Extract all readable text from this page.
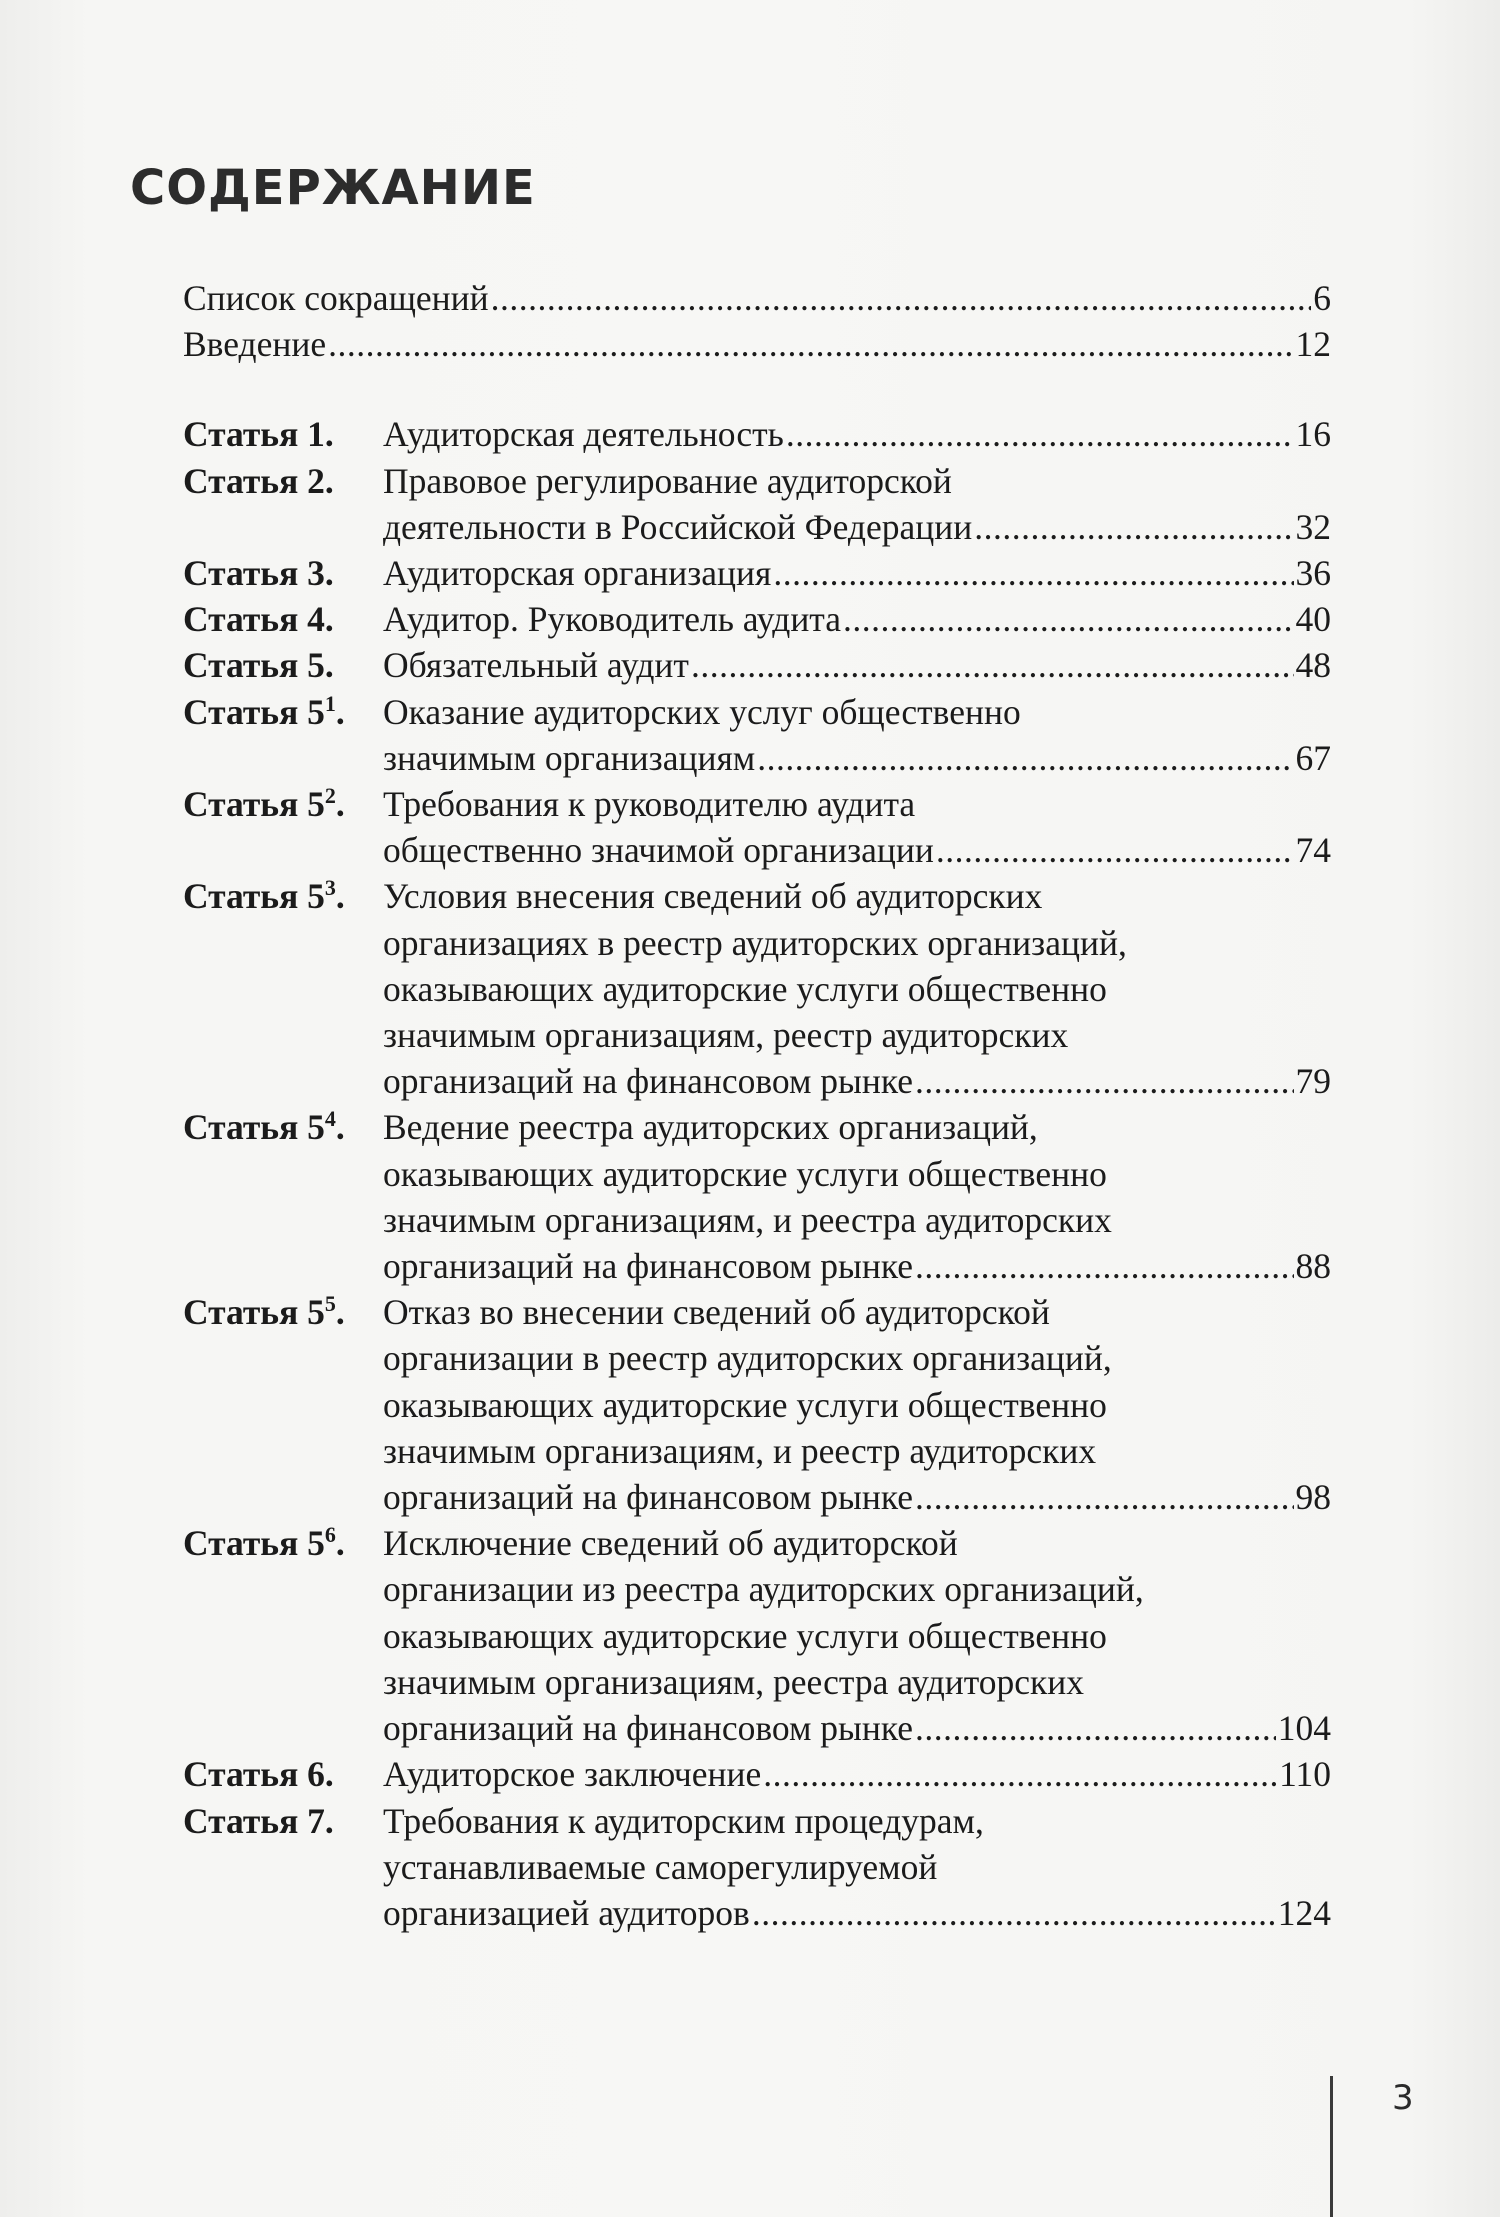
СОДЕРЖАНИЕ
Список сокращений .....	6
Введение .....	12
Статья 1.	Аудиторская деятельность .....	16
Статья 2.	Правовое регулирование аудиторской
деятельности в Российской Федерации .....	32
Статья 3.	Аудиторская организация .....	36
Статья 4.	Аудитор. Руководитель аудита .....	40
Статья 5.	Обязательный аудит .....	48
Статья $5^1$.	Оказание аудиторских услуг общественно
значимым организациям .....	67
Статья $5^2$.	Требования к руководителю аудита
общественно значимой организации .....	74
Статья $5^3$.	Условия внесения сведений об аудиторских
организациях в реестр аудиторских организаций,
оказывающих аудиторские услуги общественно
значимым организациям, реестр аудиторских
организаций на финансовом рынке .....	79
Статья $5^4$.	Ведение реестра аудиторских организаций,
оказывающих аудиторские услуги общественно
значимым организациям, и реестра аудиторских
организаций на финансовом рынке .....	88
Статья $5^5$.	Отказ во внесении сведений об аудиторской
организации в реестр аудиторских организаций,
оказывающих аудиторские услуги общественно
значимым организациям, и реестр аудиторских
организаций на финансовом рынке .....	98
Статья $5^6$.	Исключение сведений об аудиторской
организации из реестра аудиторских организаций,
оказывающих аудиторские услуги общественно
значимым организациям, реестра аудиторских
организаций на финансовом рынке .....	104
Статья 6.	Аудиторское заключение .....	110
Статья 7.	Требования к аудиторским процедурам,
устанавливаемые саморегулируемой
организацией аудиторов .....	124
3
